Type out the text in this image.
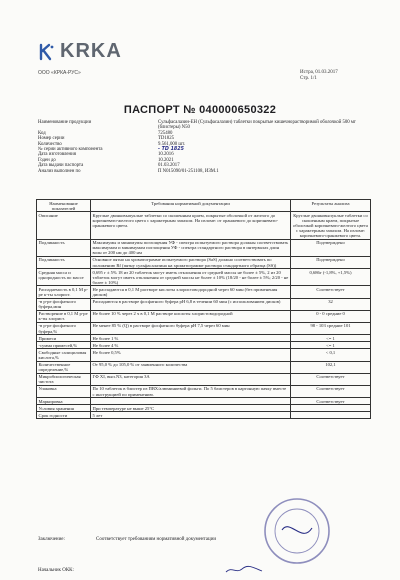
KRKA
ООО «КРКА-РУС»	Истра, 01.03.2017
Стр. 1/1
ПАСПОРТ № 040000650322
Наименование продукции	Сульфасалазин-ЕН (Сульфасалазин) таблетки покрытые кишечнорастворимой оболочкой 500 мг (блистеры) N50
Код	725480
Номер серии	TD1825
Количество	9.561,000 шт.
№ серии активного компонента	- TD 1825
Дата изготовления	10.2016
Годен до	10.2021
Дата выдачи паспорта	01.03.2017
Анализ выполнен по	П N015090/01-251108, ИЗМ.1
Наименование показателей	Требования нормативной документации	Результаты анализа
Описание	Круглые двояковыпуклые таблетки со скошенным краем, покрытые оболочкой от желтого до коричневато-желтого цвета с характерным запахом. На изломе: от оранжевого до коричневато-оранжевого цвета.	Круглые двояковыпуклые таблетки со скошенным краем, покрытые оболочкой коричневато-желтого цвета с характерным запахом. На изломе: коричневато-оранжевого цвета.
Подлинность	Максимумы и минимумы поглощения УФ - спектра испытуемого раствора должны соответствовать максимумам и минимумам поглощения УФ - спектра стандартного раствора в интервалах длин волн от 200 нм до 400 нм	Подтверждено
Подлинность	Основное пятно на хроматограмме испытуемого раствора (SaS) должно соответствовать по положению Rf (пятну сульфасалазина на хроматограмме раствора стандартного образца (SS))	Подтверждено
Средняя масса и однородность по массе	0,695 г ± 5% 18 из 20 таблеток могут иметь отклонения от средней массы не более ± 5%, 2 из 20 таблеток могут иметь отклонения от средней массы не более ± 10% (18/20 - не более ± 5%; 2/20 - не более ± 10%)	0,686г (-1,8%, +1,5%)
Распадаемость в 0,1 М р-ре к-ты хлорист.	Не распадаются в 0,1 М растворе кислоты хлористоводородной через 60 мин (без применения дисков)	Соответствует
-в р-ре фосфатного буфера,мин	Распадаются в растворе фосфатного буфера pH 6,8 в течении 60 мин (с использованием дисков)	32
Растворение в 0,1 М р-ре к-ты хлорист.	Не более 10 % через 2 ч в 0,1 М растворе кислоты хлористоводородной	0 - 0 средние 0
-в р-ре фосфатного буфера,%	Не менее 85 % (Q) в растворе фосфатного буфера pH 7,5 через 60 мин	98 - 103 средние 101
Примеси	Не более 1 %	<= 1
-сумма примесей,%	Не более 4 %	<= 1
Свободные салициловая кислота,%	Не более 0,5%	< 0,1
Количественное определение,%	От 95,0 % до 105,0 % от заявленного количества	102,1
Микробиологическая чистота	ГФ XI, вып.N3, категория 3А	Соответствует
Упаковка	По 10 таблеток в блистер из ПВХ/алюминиевой фольги. По 5 блистеров в картонную пачку вместе с инструкцией по применению.	Соответствует
Маркировка		Соответствует
Условия хранения	При температуре не выше 25°С	
Срок годности	5 лет	
Заключение:	Соответствует требованиям нормативной документации
Начальник ОКК:
